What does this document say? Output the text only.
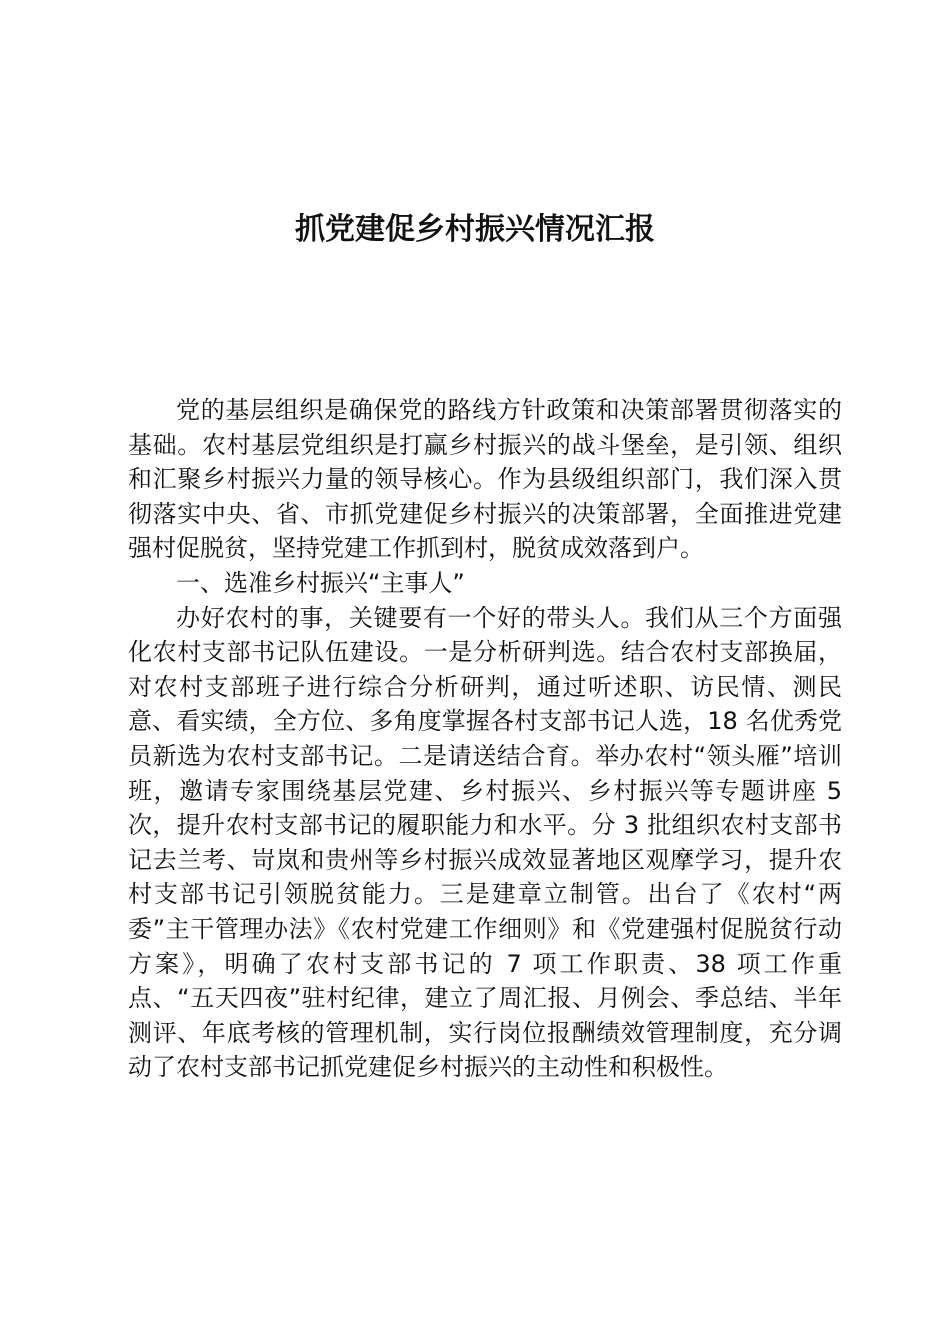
抓党建促乡村振兴情况汇报

党的基层组织是确保党的路线方针政策和决策部署贯彻落实的基础。农村基层党组织是打赢乡村振兴的战斗堡垒，是引领、组织和汇聚乡村振兴力量的领导核心。作为县级组织部门，我们深入贯彻落实中央、省、市抓党建促乡村振兴的决策部署，全面推进党建强村促脱贫，坚持党建工作抓到村，脱贫成效落到户。

一、选准乡村振兴“主事人”

办好农村的事，关键要有一个好的带头人。我们从三个方面强化农村支部书记队伍建设。一是分析研判选。结合农村支部换届，对农村支部班子进行综合分析研判，通过听述职、访民情、测民意、看实绩，全方位、多角度掌握各村支部书记人选，18 名优秀党员新选为农村支部书记。二是请送结合育。举办农村“领头雁”培训班，邀请专家围绕基层党建、乡村振兴、乡村振兴等专题讲座 5 次，提升农村支部书记的履职能力和水平。分 3 批组织农村支部书记去兰考、岢岚和贵州等乡村振兴成效显著地区观摩学习，提升农村支部书记引领脱贫能力。三是建章立制管。出台了《农村“两委”主干管理办法》《农村党建工作细则》和《党建强村促脱贫行动方案》，明确了农村支部书记的 7 项工作职责、38 项工作重点、“五天四夜”驻村纪律，建立了周汇报、月例会、季总结、半年测评、年底考核的管理机制，实行岗位报酬绩效管理制度，充分调动了农村支部书记抓党建促乡村振兴的主动性和积极性。
